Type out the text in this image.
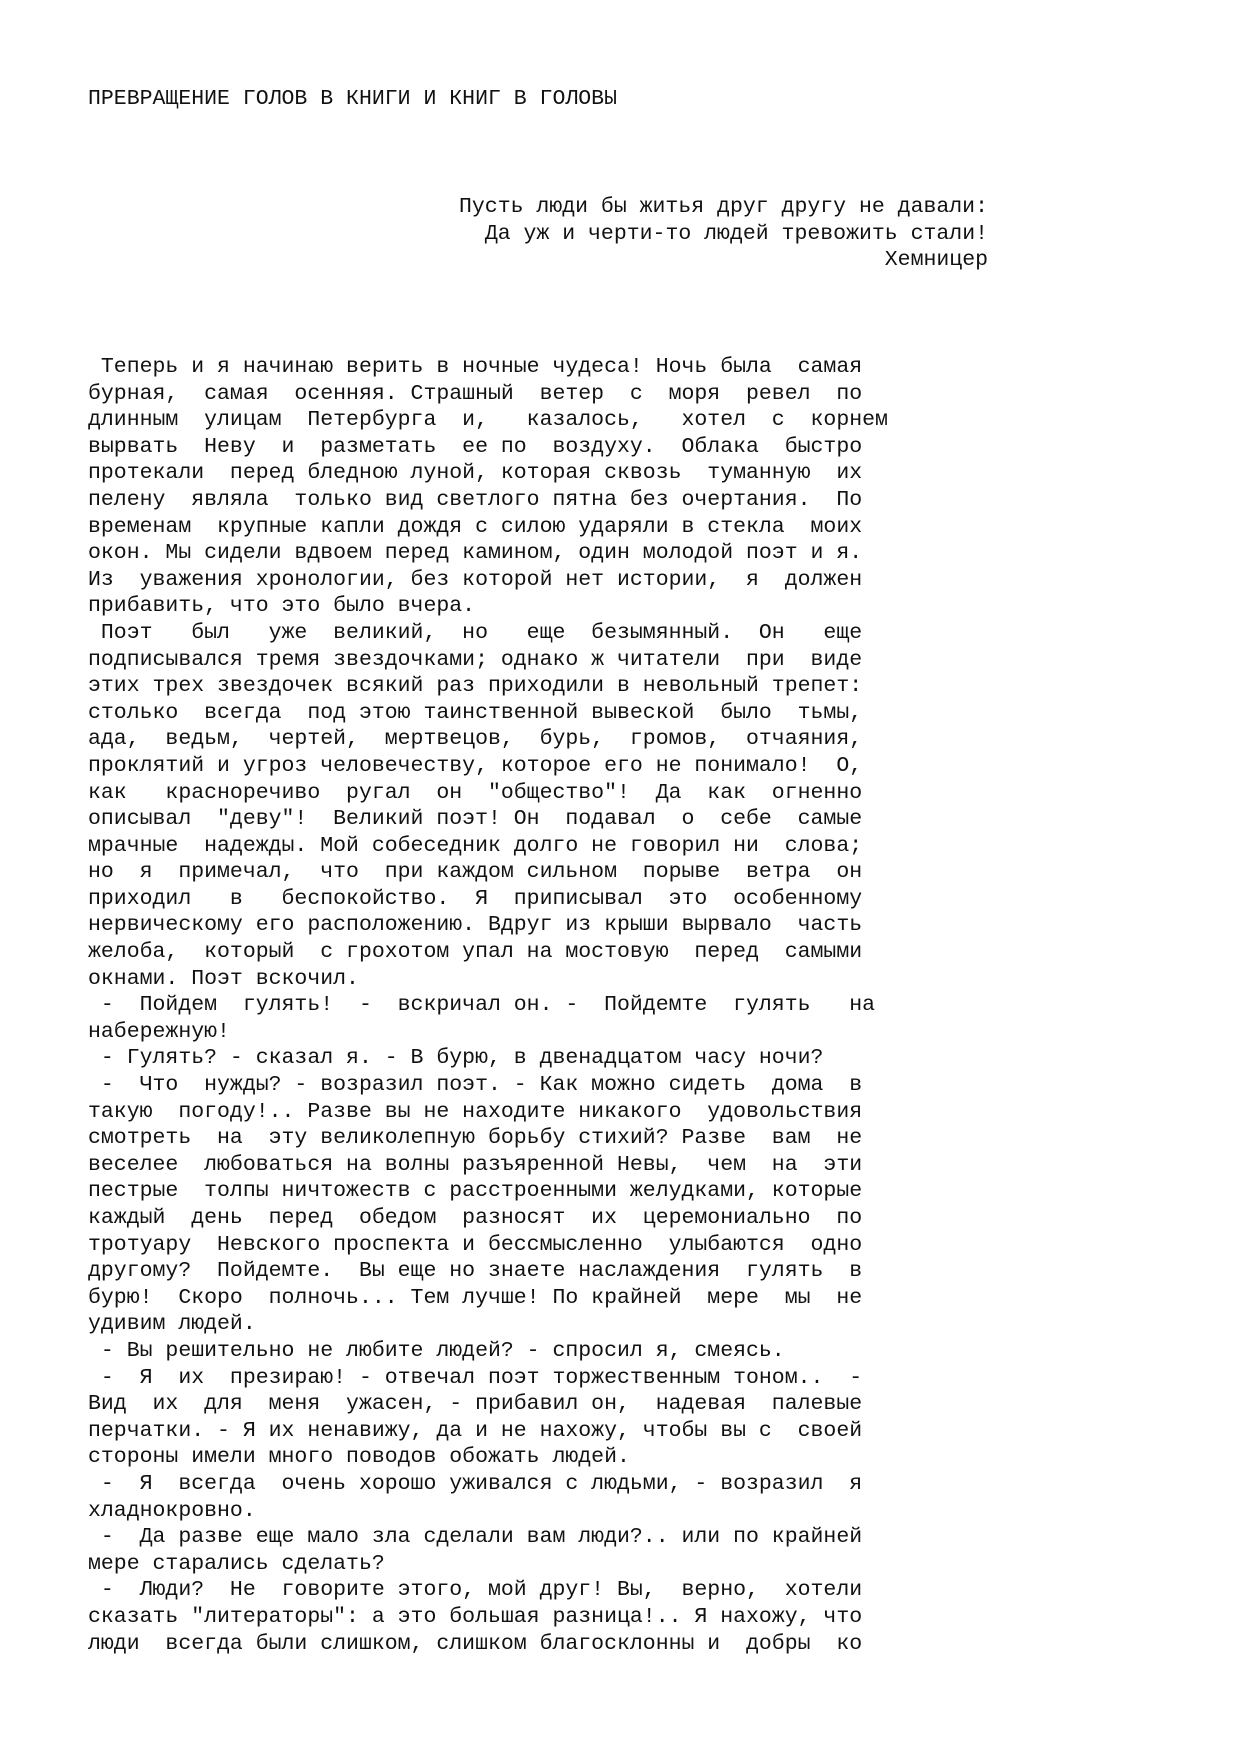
ПРЕВРАЩЕНИЕ ГОЛОВ В КНИГИ И КНИГ В ГОЛОВЫ
Пусть люди бы житья друг другу не давали:
Да уж и черти-то людей тревожить стали!
Хемницер
Теперь и я начинаю верить в ночные чудеса! Ночь была  самая
бурная,  самая  осенняя. Страшный  ветер  с  моря  ревел  по
длинным  улицам  Петербурга  и,   казалось,   хотел  с  корнем
вырвать  Неву  и  разметать  ее по  воздуху.  Облака  быстро
протекали  перед бледною луной, которая сквозь  туманную  их
пелену  являла  только вид светлого пятна без очертания.  По
временам  крупные капли дождя с силою ударяли в стекла  моих
окон. Мы сидели вдвоем перед камином, один молодой поэт и я.
Из  уважения хронологии, без которой нет истории,  я  должен
прибавить, что это было вчера.
Поэт   был   уже  великий,  но   еще  безымянный.  Он   еще
подписывался тремя звездочками; однако ж читатели  при  виде
этих трех звездочек всякий раз приходили в невольный трепет:
столько  всегда  под этою таинственной вывеской  было  тьмы,
ада,  ведьм,  чертей,  мертвецов,  бурь,  громов,  отчаяния,
проклятий и угроз человечеству, которое его не понимало!  О,
как   красноречиво  ругал  он  "общество"!  Да  как  огненно
описывал  "деву"!  Великий поэт! Он  подавал  о  себе  самые
мрачные  надежды. Мой собеседник долго не говорил ни  слова;
но  я  примечал,  что  при каждом сильном  порыве  ветра  он
приходил   в   беспокойство.  Я  приписывал  это  особенному
нервическому его расположению. Вдруг из крыши вырвало  часть
желоба,  который  с грохотом упал на мостовую  перед  самыми
окнами. Поэт вскочил.
-  Пойдем  гулять!  -  вскричал он. -  Пойдемте  гулять   на
набережную!
- Гулять? - сказал я. - В бурю, в двенадцатом часу ночи?
-  Что  нужды? - возразил поэт. - Как можно сидеть  дома  в
такую  погоду!.. Разве вы не находите никакого  удовольствия
смотреть  на  эту великолепную борьбу стихий? Разве  вам  не
веселее  любоваться на волны разъяренной Невы,  чем  на  эти
пестрые  толпы ничтожеств с расстроенными желудками, которые
каждый  день  перед  обедом  разносят  их  церемониально  по
тротуару  Невского проспекта и бессмысленно  улыбаются  одно
другому?  Пойдемте.  Вы еще но знаете наслаждения  гулять  в
бурю!  Скоро  полночь... Тем лучше! По крайней  мере  мы  не
удивим людей.
- Вы решительно не любите людей? - спросил я, смеясь.
-  Я  их  презираю! - отвечал поэт торжественным тоном..  -
Вид  их  для  меня  ужасен, - прибавил он,  надевая  палевые
перчатки. - Я их ненавижу, да и не нахожу, чтобы вы с  своей
стороны имели много поводов обожать людей.
-  Я  всегда  очень хорошо уживался с людьми, - возразил  я
хладнокровно.
-  Да разве еще мало зла сделали вам люди?.. или по крайней
мере старались сделать?
-  Люди?  Не  говорите этого, мой друг! Вы,  верно,  хотели
сказать "литераторы": а это большая разница!.. Я нахожу, что
люди  всегда были слишком, слишком благосклонны и  добры  ко
